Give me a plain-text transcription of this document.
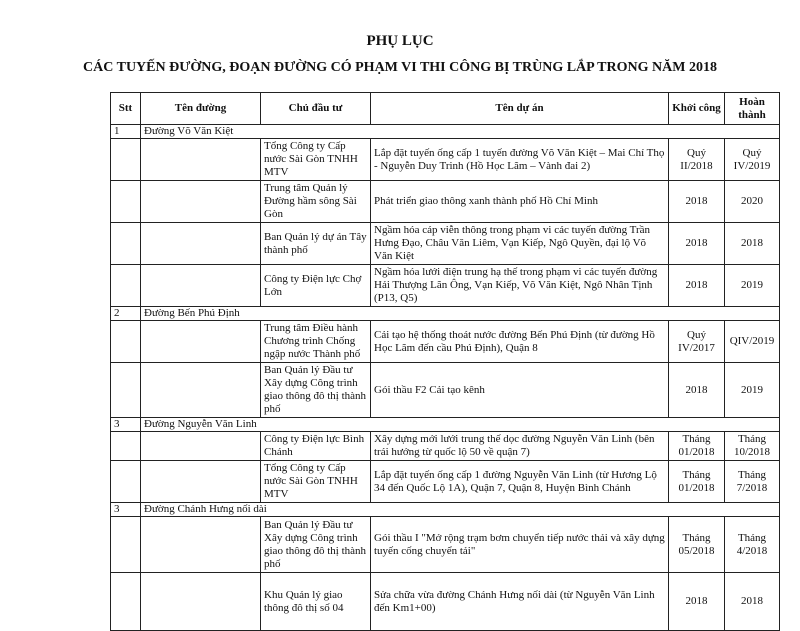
PHỤ LỤC
CÁC TUYẾN ĐƯỜNG, ĐOẠN ĐƯỜNG CÓ PHẠM VI THI CÔNG BỊ TRÙNG LẮP TRONG NĂM 2018
Stt	Tên đường	Chủ đầu tư	Tên dự án	Khởi công	Hoàn thành
1	Đường Võ Văn Kiệt				
		Tổng Công ty Cấp nước Sài Gòn TNHH MTV	Lắp đặt tuyến ống cấp 1 tuyến đường Võ Văn Kiệt – Mai Chí Thọ - Nguyễn Duy Trinh (Hồ Học Lãm – Vành đai 2)	Quý II/2018	Quý IV/2019
		Trung tâm Quản lý Đường hầm sông Sài Gòn	Phát triển giao thông xanh thành phố Hồ Chí Minh	2018	2020
		Ban Quản lý dự án Tây thành phố	Ngầm hóa cáp viễn thông trong phạm vi các tuyến đường Trần Hưng Đạo, Châu Văn Liêm, Vạn Kiếp, Ngô Quyền, đại lộ Võ Văn Kiệt	2018	2018
		Công ty Điện lực Chợ Lớn	Ngầm hóa lưới điện trung hạ thế trong phạm vi các tuyến đường Hải Thượng Lãn Ông, Vạn Kiếp, Võ Văn Kiệt, Ngô Nhân Tịnh (P13, Q5)	2018	2019
2	Đường Bến Phú Định				
		Trung tâm Điều hành Chương trình Chống ngập nước Thành phố	Cải tạo hệ thống thoát nước đường Bến Phú Định (từ đường Hồ Học Lãm đến cầu Phú Định), Quận 8	Quý IV/2017	QIV/2019
		Ban Quản lý Đầu tư Xây dựng Công trình giao thông đô thị thành phố	Gói thầu F2 Cải tạo kênh	2018	2019
3	Đường Nguyễn Văn Linh				
		Công ty Điện lực Bình Chánh	Xây dựng mới lưới trung thế dọc đường Nguyễn Văn Linh (bên trái hướng từ quốc lộ 50 về quận 7)	Tháng 01/2018	Tháng 10/2018
		Tổng Công ty Cấp nước Sài Gòn TNHH MTV	Lắp đặt tuyến ống cấp 1 đường Nguyễn Văn Linh (từ Hương Lộ 34 đến Quốc Lộ 1A), Quận 7, Quận 8, Huyện Bình Chánh	Tháng 01/2018	Tháng 7/2018
3	Đường Chánh Hưng nối dài				
		Ban Quản lý Đầu tư Xây dựng Công trình giao thông đô thị thành phố	Gói thầu I "Mở rộng trạm bơm chuyển tiếp nước thải và xây dựng tuyến cống chuyển tải"	Tháng 05/2018	Tháng 4/2018
		Khu Quản lý giao thông đô thị số 04	Sửa chữa vừa đường Chánh Hưng nối dài (từ Nguyễn Văn Linh đến Km1+00)	2018	2018
